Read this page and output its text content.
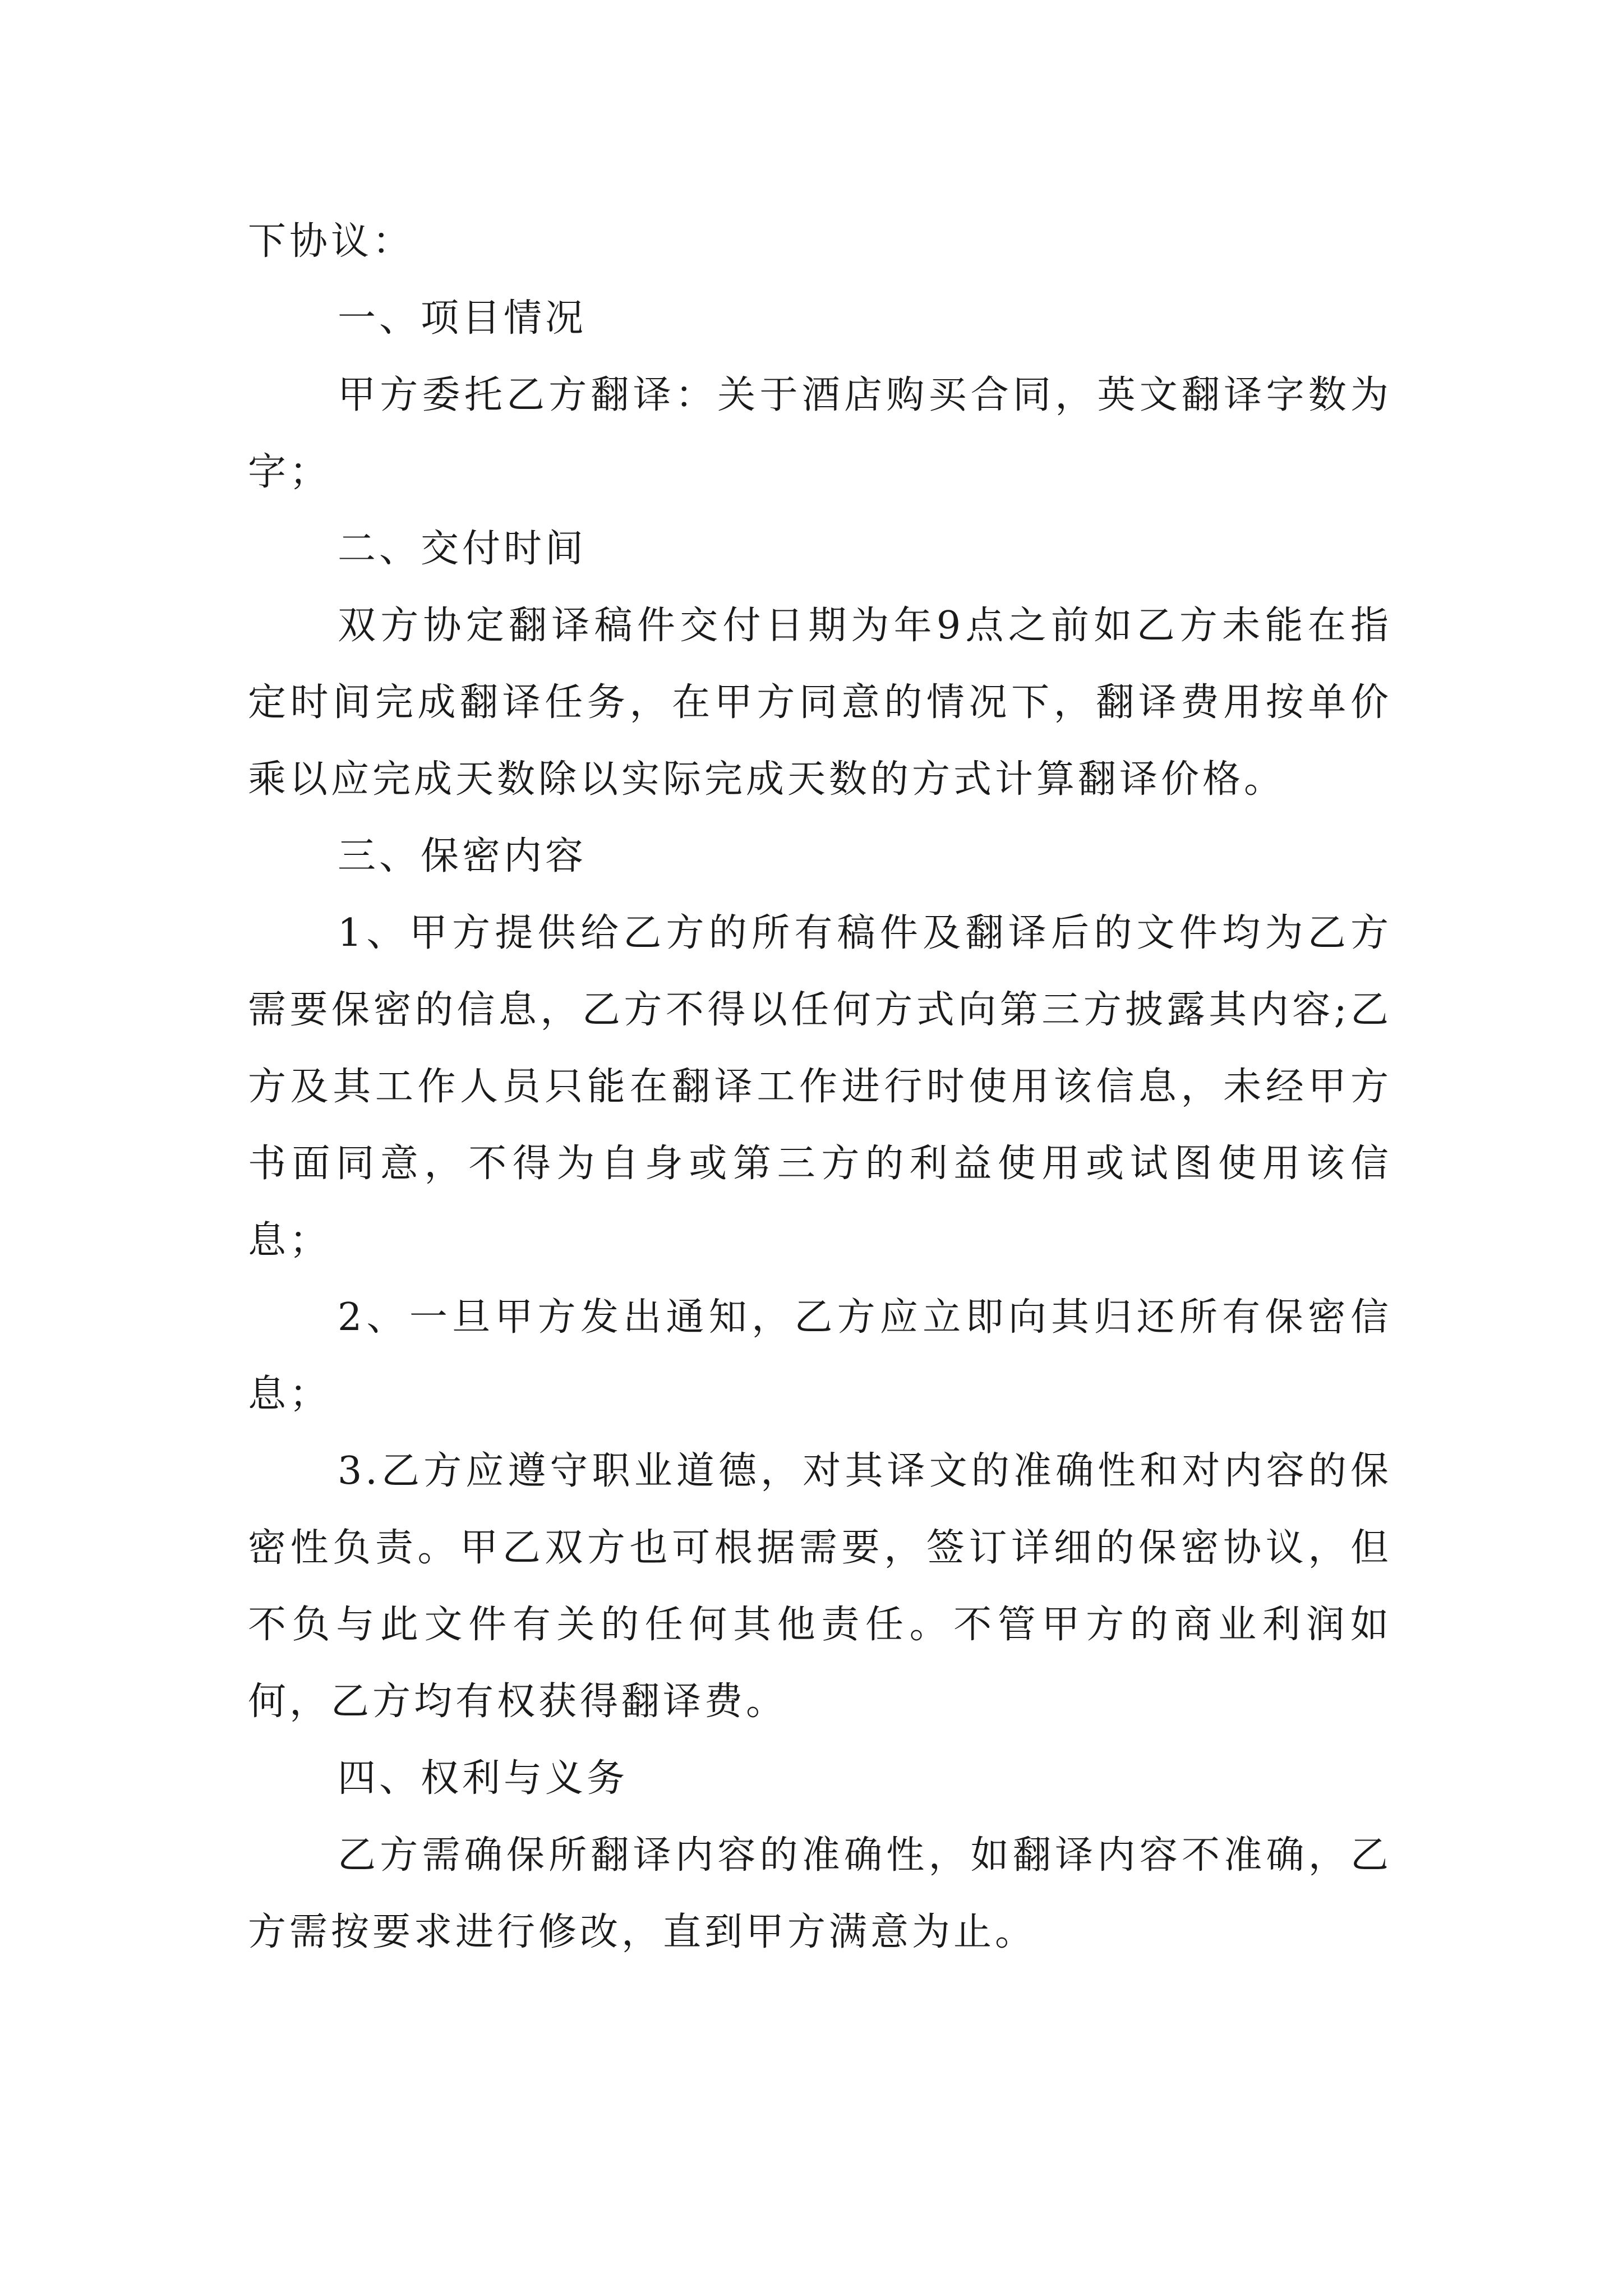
下协议：

一、项目情况

甲方委托乙方翻译：关于酒店购买合同，英文翻译字数为字；

二、交付时间

双方协定翻译稿件交付日期为年9点之前如乙方未能在指定时间完成翻译任务，在甲方同意的情况下，翻译费用按单价乘以应完成天数除以实际完成天数的方式计算翻译价格。

三、保密内容

1、甲方提供给乙方的所有稿件及翻译后的文件均为乙方需要保密的信息，乙方不得以任何方式向第三方披露其内容;乙方及其工作人员只能在翻译工作进行时使用该信息，未经甲方书面同意，不得为自身或第三方的利益使用或试图使用该信息；

2、一旦甲方发出通知，乙方应立即向其归还所有保密信息；

3.乙方应遵守职业道德，对其译文的准确性和对内容的保密性负责。甲乙双方也可根据需要，签订详细的保密协议，但不负与此文件有关的任何其他责任。不管甲方的商业利润如何，乙方均有权获得翻译费。

四、权利与义务

乙方需确保所翻译内容的准确性，如翻译内容不准确，乙方需按要求进行修改，直到甲方满意为止。
